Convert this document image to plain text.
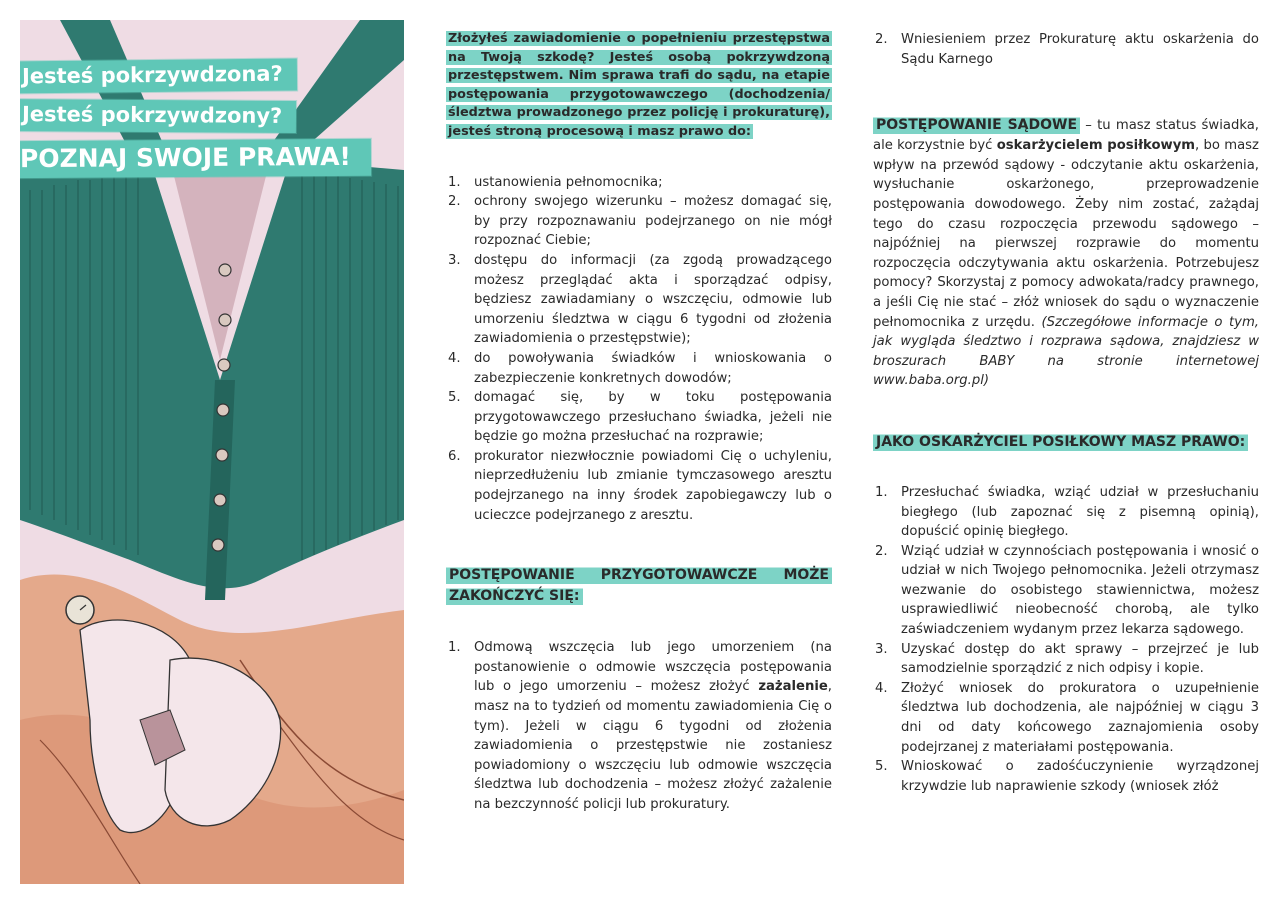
Jesteś pokrzywdzona?
Jesteś pokrzywdzony?
POZNAJ SWOJE PRAWA!

Złożyłeś zawiadomienie o popełnieniu przestępstwa na Twoją szkodę? Jesteś osobą pokrzywdzoną przestępstwem. Nim sprawa trafi do sądu, na etapie postępowania przygotowawczego (dochodzenia/śledztwa prowadzonego przez policję i prokuraturę), jesteś stroną procesową i masz prawo do:

1. ustanowienia pełnomocnika;
2. ochrony swojego wizerunku – możesz domagać się, by przy rozpoznawaniu podejrzanego on nie mógł rozpoznać Ciebie;
3. dostępu do informacji (za zgodą prowadzącego możesz przeglądać akta i sporządzać odpisy, będziesz zawiadamiany o wszczęciu, odmowie lub umorzeniu śledztwa w ciągu 6 tygodni od złożenia zawiadomienia o przestępstwie);
4. do powoływania świadków i wnioskowania o zabezpieczenie konkretnych dowodów;
5. domagać się, by w toku postępowania przygotowawczego przesłuchano świadka, jeżeli nie będzie go można przesłuchać na rozprawie;
6. prokurator niezwłocznie powiadomi Cię o uchyleniu, nieprzedłużeniu lub zmianie tymczasowego aresztu podejrzanego na inny środek zapobiegawczy lub o ucieczce podejrzanego z aresztu.

POSTĘPOWANIE PRZYGOTOWAWCZE MOŻE ZAKOŃCZYĆ SIĘ:

1. Odmową wszczęcia lub jego umorzeniem (na postanowienie o odmowie wszczęcia postępowania lub o jego umorzeniu – możesz złożyć zażalenie, masz na to tydzień od momentu zawiadomienia Cię o tym). Jeżeli w ciągu 6 tygodni od złożenia zawiadomienia o przestępstwie nie zostaniesz powiadomiony o wszczęciu lub odmowie wszczęcia śledztwa lub dochodzenia – możesz złożyć zażalenie na bezczynność policji lub prokuratury.
2. Wniesieniem przez Prokuraturę aktu oskarżenia do Sądu Karnego

POSTĘPOWANIE SĄDOWE – tu masz status świadka, ale korzystnie być oskarżycielem posiłkowym, bo masz wpływ na przewód sądowy - odczytanie aktu oskarżenia, wysłuchanie oskarżonego, przeprowadzenie postępowania dowodowego. Żeby nim zostać, zażądaj tego do czasu rozpoczęcia przewodu sądowego – najpóźniej na pierwszej rozprawie do momentu rozpoczęcia odczytywania aktu oskarżenia. Potrzebujesz pomocy? Skorzystaj z pomocy adwokata/radcy prawnego, a jeśli Cię nie stać – złóż wniosek do sądu o wyznaczenie pełnomocnika z urzędu. (Szczegółowe informacje o tym, jak wygląda śledztwo i rozprawa sądowa, znajdziesz w broszurach BABY na stronie internetowej www.baba.org.pl)

JAKO OSKARŻYCIEL POSIŁKOWY MASZ PRAWO:

1. Przesłuchać świadka, wziąć udział w przesłuchaniu biegłego (lub zapoznać się z pisemną opinią), dopuścić opinię biegłego.
2. Wziąć udział w czynnościach postępowania i wnosić o udział w nich Twojego pełnomocnika. Jeżeli otrzymasz wezwanie do osobistego stawiennictwa, możesz usprawiedliwić nieobecność chorobą, ale tylko zaświadczeniem wydanym przez lekarza sądowego.
3. Uzyskać dostęp do akt sprawy – przejrzeć je lub samodzielnie sporządzić z nich odpisy i kopie.
4. Złożyć wniosek do prokuratora o uzupełnienie śledztwa lub dochodzenia, ale najpóźniej w ciągu 3 dni od daty końcowego zaznajomienia osoby podejrzanej z materiałami postępowania.
5. Wnioskować o zadośćuczynienie wyrządzonej krzywdzie lub naprawienie szkody (wniosek złóż
